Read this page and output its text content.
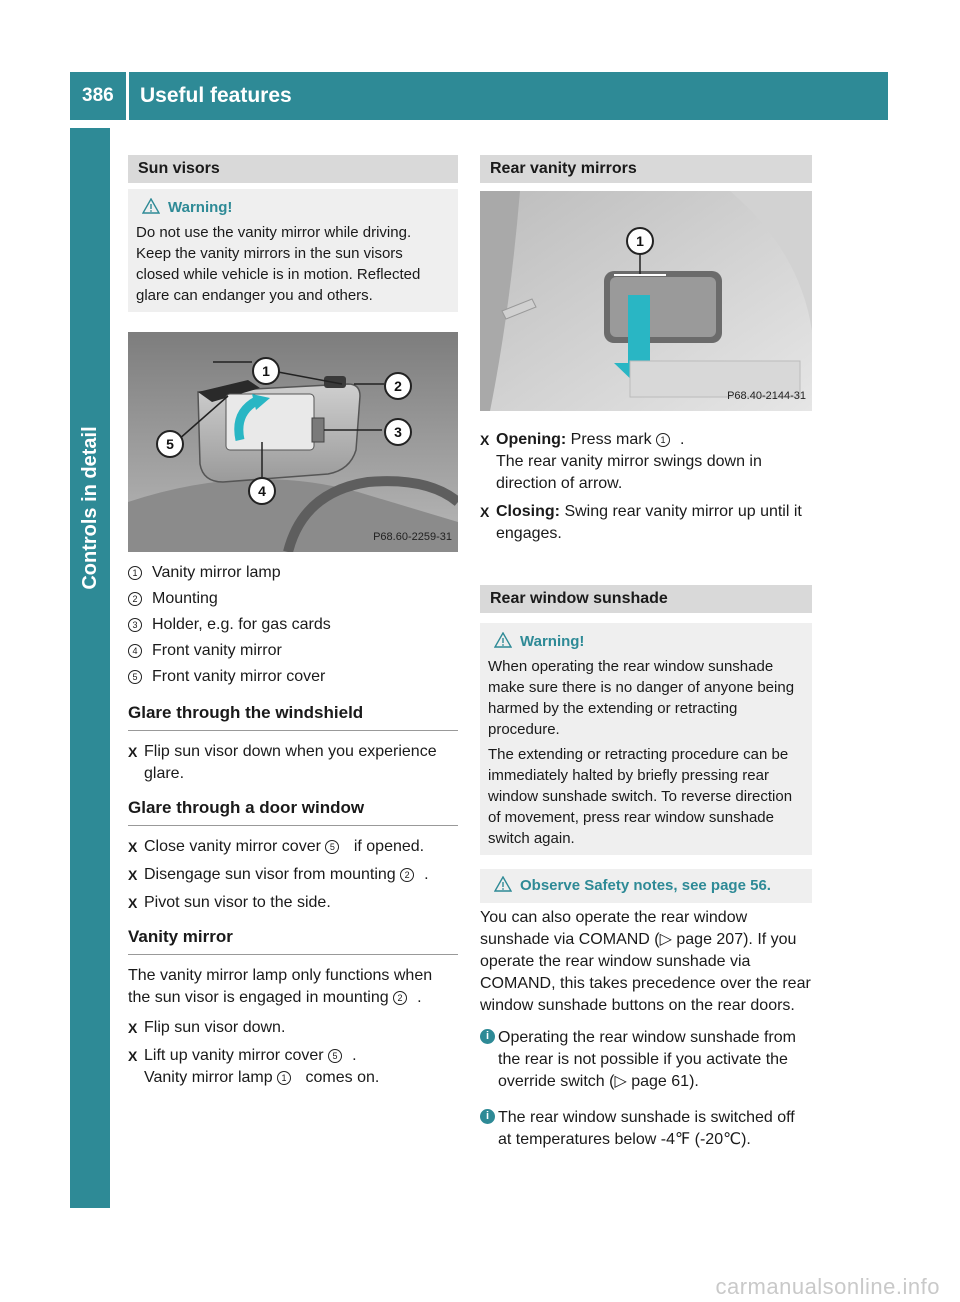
386	Useful features
Controls in detail
Sun visors
Warning!
Do not use the vanity mirror while driving. Keep the vanity mirrors in the sun visors closed while vehicle is in motion. Reflected glare can endanger you and others.
1
2
3
4
5
P68.60-2259-31
1 Vanity mirror lamp
2 Mounting
3 Holder, e.g. for gas cards
4 Front vanity mirror
5 Front vanity mirror cover
Glare through the windshield
X Flip sun visor down when you experience glare.
Glare through a door window
X Close vanity mirror cover 5 if opened.
X Disengage sun visor from mounting 2 .
X Pivot sun visor to the side.
Vanity mirror
The vanity mirror lamp only functions when the sun visor is engaged in mounting 2 .
X Flip sun visor down.
X Lift up vanity mirror cover 5 .
Vanity mirror lamp 1 comes on.
Rear vanity mirrors
1
P68.40-2144-31
X Opening: Press mark 1 .
The rear vanity mirror swings down in direction of arrow.
X Closing: Swing rear vanity mirror up until it engages.
Rear window sunshade
Warning!
When operating the rear window sunshade make sure there is no danger of anyone being harmed by the extending or retracting procedure.
The extending or retracting procedure can be immediately halted by briefly pressing rear window sunshade switch. To reverse direction of movement, press rear window sunshade switch again.
Observe Safety notes, see page 56.
You can also operate the rear window sunshade via COMAND (▷ page 207). If you operate the rear window sunshade via COMAND, this takes precedence over the rear window sunshade buttons on the rear doors.
i Operating the rear window sunshade from the rear is not possible if you activate the override switch (▷ page 61).
i The rear window sunshade is switched off at temperatures below -4℉ (-20℃).
carmanualsonline.info
